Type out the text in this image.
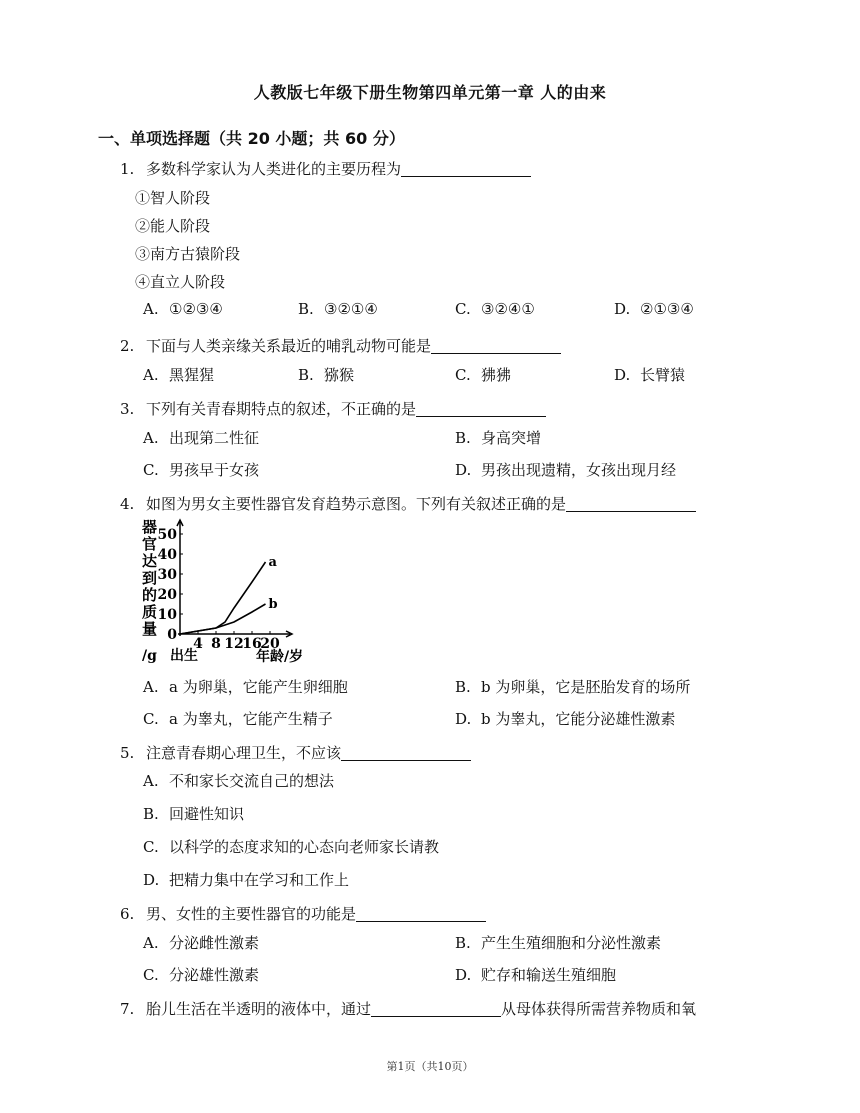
人教版七年级下册生物第四单元第一章 人的由来
一、单项选择题（共 20 小题；共 60 分）
1. 多数科学家认为人类进化的主要历程为
①智人阶段
②能人阶段
③南方古猿阶段
④直立人阶段
A. ①②③④	B. ③②①④	C. ③②④①	D. ②①③④
2. 下面与人类亲缘关系最近的哺乳动物可能是
A. 黑猩猩	B. 猕猴	C. 狒狒	D. 长臂猿
3. 下列有关青春期特点的叙述，不正确的是
A. 出现第二性征	B. 身高突增
C. 男孩早于女孩	D. 男孩出现遗精，女孩出现月经
4. 如图为男女主要性器官发育趋势示意图。下列有关叙述正确的是
器
官
达
到
的
质
量 0
10
20
30
40
50
4 8 12
16
20
a
b
出生	年龄/岁
/g
A. a 为卵巢，它能产生卵细胞	B. b 为卵巢，它是胚胎发育的场所
C. a 为睾丸，它能产生精子	D. b 为睾丸，它能分泌雄性激素
5. 注意青春期心理卫生，不应该
A. 不和家长交流自己的想法
B. 回避性知识
C. 以科学的态度求知的心态向老师家长请教
D. 把精力集中在学习和工作上
6. 男、女性的主要性器官的功能是
A. 分泌雌性激素	B. 产生生殖细胞和分泌性激素
C. 分泌雄性激素	D. 贮存和输送生殖细胞
7. 胎儿生活在半透明的液体中，通过	从母体获得所需营养物质和氧
第1页（共10页）
